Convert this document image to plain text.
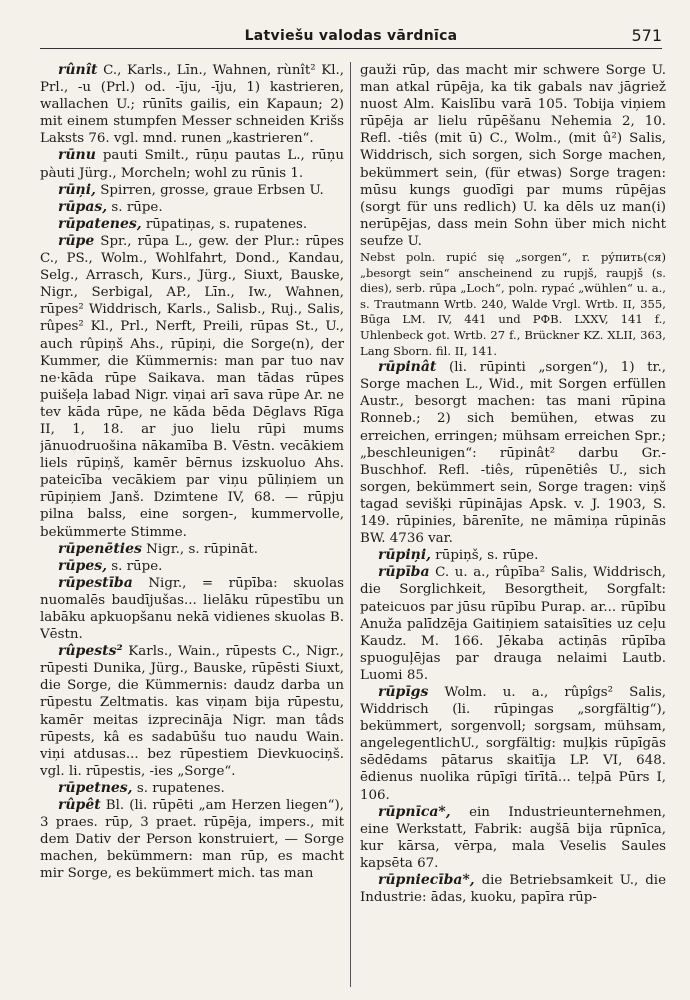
Latviešu valodas vārdnīca	571

rûnît C., Karls., Līn., Wahnen, rùnît² Kl., Prl., -u (Prl.) od. -īju, -īju, 1) kastrieren, wallachen U.; rūnīts gailis, ein Kapaun; 2) mit einem stumpfen Messer schneiden Krišs Laksts 76. vgl. mnd. runen „kastrieren“.

rūnu pauti Smilt., rūņu pautas L., rūņu pàuti Jürg., Morcheln; wohl zu rūnis 1.

rūņi, Spirren, grosse, graue Erbsen U.

rūpas, s. rūpe.

rūpatenes, rūpatiņas, s. rupatenes.

rūpe Spr., rūpa L., gew. der Plur.: rūpes C., PS., Wolm., Wohlfahrt, Dond., Kandau, Selg., Arrasch, Kurs., Jürg., Siuxt, Bauske, Nigr., Serbigal, AP., Līn., Iw., Wahnen, rūpes² Widdrisch, Karls., Salisb., Ruj., Salis, rûpes² Kl., Prl., Nerft, Preili, rūpas St., U., auch rûpiņš Ahs., rūpiņi, die Sorge(n), der Kummer, die Kümmernis: man par tuo nav ne·kāda rūpe Saikava. man tādas rūpes puišeļa labad Nigr. viņai arī sava rūpe Ar. ne tev kāda rūpe, ne kāda bēda Dēglavs Rīga II, 1, 18. ar juo lielu rūpi mums jānuodruošina nākamība B. Vēstn. vecākiem liels rūpiņš, kamēr bērnus izskuoluo Ahs. pateicība vecākiem par viņu pūliņiem un rūpiņiem Janš. Dzimtene IV, 68. — rūpju pilna balss, eine sorgen-, kummervolle, bekümmerte Stimme.

rūpenēties Nigr., s. rūpināt.

rūpes, s. rūpe.

rūpestība Nigr., = rūpība: skuolas nuomalēs baudījušas... lielāku rūpestību un labāku apkuopšanu nekā vidienes skuolas B. Vēstn.

rûpests² Karls., Wain., rūpests C., Nigr., rūpesti Dunika, Jürg., Bauske, rūpēsti Siuxt, die Sorge, die Kümmernis: daudz darba un rūpestu Zeltmatis. kas viņam bija rūpestu, kamēr meitas izprecināja Nigr. man tâds rūpests, kâ es sadabūšu tuo naudu Wain. viņi atdusas... bez rūpestiem Dievkuociņš. vgl. li. rūpestis, -ies „Sorge“.

rūpetnes, s. rupatenes.

rûpêt Bl. (li. rūpēti „am Herzen liegen“), 3 praes. rūp, 3 praet. rūpēja, impers., mit dem Dativ der Person konstruiert, — Sorge machen, bekümmern: man rūp, es macht mir Sorge, es bekümmert mich. tas man

gauži rūp, das macht mir schwere Sorge U. man atkal rūpēja, ka tik gabals nav jāgriež nuost Alm. Kaislību varā 105. Tobija viņiem rūpēja ar lielu rūpēšanu Nehemia 2, 10. Refl. -tiês (mit ū) C., Wolm., (mit û²) Salis, Widdrisch, sich sorgen, sich Sorge machen, bekümmert sein, (für etwas) Sorge tragen: mūsu kungs guodīgi par mums rūpējas (sorgt für uns redlich) U. ka dēls uz man(i) nerūpējas, dass mein Sohn über mich nicht seufze U.

Nebst poln. rupić się „sorgen“, r. рýпить(ся) „besorgt sein“ anscheinend zu rupjš, raupjš (s. dies), serb. rūpa „Loch“, poln. rypać „wühlen“ u. a., s. Trautmann Wrtb. 240, Walde Vrgl. Wrtb. II, 355, Būga LM. IV, 441 und РФВ. LXXV, 141 f., Uhlenbeck got. Wrtb. 27 f., Brückner KZ. XLII, 363, Lang Sborn. fil. II, 141.

rūpinât (li. rūpinti „sorgen“), 1) tr., Sorge machen L., Wid., mit Sorgen erfüllen Austr., besorgt machen: tas mani rūpina Ronneb.; 2) sich bemühen, etwas zu erreichen, erringen; mühsam erreichen Spr.; „beschleunigen“: rūpinât² darbu Gr.- Buschhof. Refl. -tiês, rūpenētiês U., sich sorgen, bekümmert sein, Sorge tragen: viņš tagad sevišķi rūpinājas Apsk. v. J. 1903, S. 149. rūpinies, bārenīte, ne māmiņa rūpinās BW. 4736 var.

rūpiņi, rūpiņš, s. rūpe.

rūpība C. u. a., rûpība² Salis, Widdrisch, die Sorglichkeit, Besorgtheit, Sorgfalt: pateicuos par jūsu rūpību Purap. ar... rūpību Anuža palīdzēja Gaitiņiem sataisīties uz ceļu Kaudz. M. 166. Jēkaba actiņās rūpība spuoguļējas par drauga nelaimi Lautb. Luomi 85.

rūpīgs Wolm. u. a., rûpîgs² Salis, Widdrisch (li. rūpingas „sorgfältig“), bekümmert, sorgenvoll; sorgsam, mühsam, angelegentlichU., sorgfältig: muļķis rūpīgās sēdēdams pātarus skaitīja LP. VI, 648. ēdienus nuolika rūpīgi tīrītā... teļpā Pūrs I, 106.

rūpnīca*, ein Industrieunternehmen, eine Werkstatt, Fabrik: augšā bija rūpnīca, kur kārsa, vērpa, mala Veselis Saules kapsēta 67.

rūpniecība*, die Betriebsamkeit U., die Industrie: ādas, kuoku, papīra rūp-
